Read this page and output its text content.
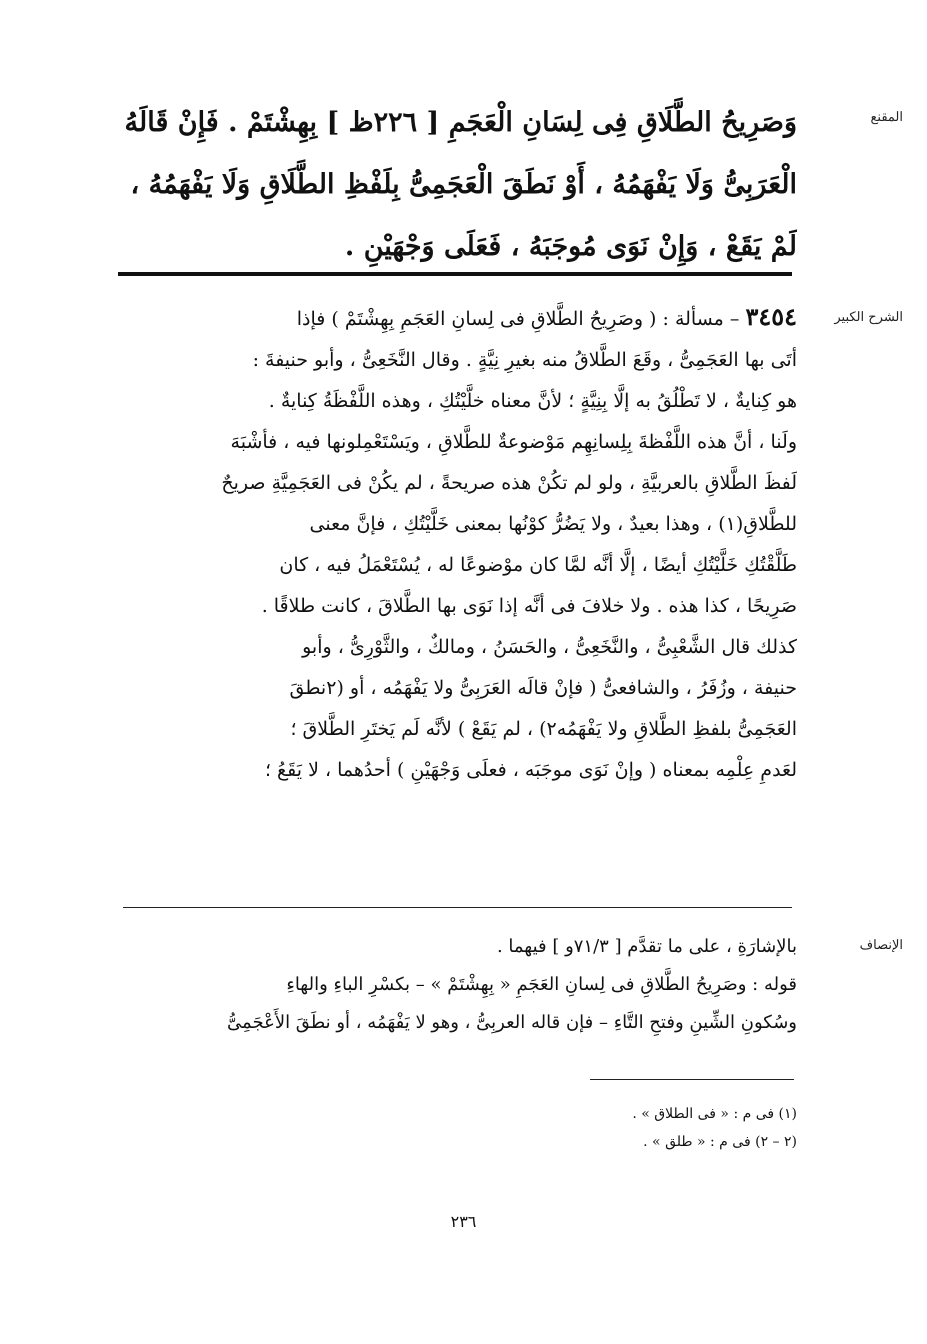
المقنع

وَصَرِيحُ الطَّلَاقِ فِى لِسَانِ الْعَجَمِ [ ٢٢٦ظ ] بِهِشْتَمْ . فَإِنْ قَالَهُ

الْعَرَبِىُّ وَلَا يَفْهَمُهُ ، أَوْ نَطَقَ الْعَجَمِىُّ بِلَفْظِ الطَّلَاقِ وَلَا يَفْهَمُهُ ،

لَمْ يَقَعْ ، وَإِنْ نَوَى مُوجَبَهُ ، فَعَلَى وَجْهَيْنِ .

الشرح الكبير

٣٤٥٤ – مسألة : ( وصَرِيحُ الطَّلاقِ فى لِسانِ العَجَمِ بِهِشْتَمْ ) فإذا

أتَى بها العَجَمِىُّ ، وقَعَ الطَّلاقُ منه بغيرِ نِيَّةٍ . وقال النَّخَعِىُّ ، وأبو حنيفةَ :

هو كِنايةٌ ، لا تَطْلُقُ به إلَّا بِنِيَّةٍ ؛ لأنَّ معناه خلَّيْتُكِ ، وهذه اللَّفْظَةُ كِنايةٌ .

ولَنا ، أنَّ هذه اللَّفْظةَ بِلِسانِهِم مَوْضوعةٌ للطَّلاقِ ، ويَسْتَعْمِلونها فيه ، فأشْبَهَ

لَفظَ الطَّلاقِ بالعربيَّةِ ، ولو لم تكُنْ هذه صريحةً ، لم يكُنْ فى العَجَمِيَّةِ صريحٌ

للطَّلاقِ(١) ، وهذا بعيدٌ ، ولا يَضُرُّ كوْنُها بمعنى خَلَّيْتُكِ ، فإنَّ معنى

طَلَّقْتُكِ خَلَّيْتُكِ أيضًا ، إلَّا أنَّه لمَّا كان موْضوعًا له ، يُسْتَعْمَلُ فيه ، كان

صَرِيحًا ، كذا هذه . ولا خلافَ فى أنَّه إذا نَوَى بها الطَّلاقَ ، كانت طلاقًا .

كذلك قال الشَّعْبِىُّ ، والنَّخَعِىُّ ، والحَسَنُ ، ومالكٌ ، والثَّوْرِىُّ ، وأبو

حنيفة ، وزُفَرُ ، والشافعىُّ ( فإنْ قالَه العَرَبِىُّ ولا يَفْهَمُه ، أو (٢نطقَ

العَجَمِىُّ بلفظِ الطَّلاقِ ولا يَفْهَمُه٢) ، لم يَقَعْ ) لأنَّه لَم يَختَرِ الطَّلاقَ ؛

لعَدمِ عِلْمِه بمعناه ( وإنْ نَوَى موجَبَه ، فعلَى وَجْهَيْنِ ) أحدُهما ، لا يَقَعُ ؛

الإنصاف

بالإشارَةِ ، على ما تقدَّم [ ٧١/٣و ] فيهما .

قوله : وصَرِيحُ الطَّلاقِ فى لِسانِ العَجَمِ « بِهِشْتَمْ » – بكسْرِ الباءِ والهاءِ

وسُكونِ الشِّينِ وفتحِ التَّاءِ – فإن قاله العربِىُّ ، وهو لا يَفْهَمُه ، أو نطَقَ الأَعْجَمِىُّ

(١) فى م : « فى الطلاق » .

(٢ – ٢) فى م : « طلق » .

٢٣٦
